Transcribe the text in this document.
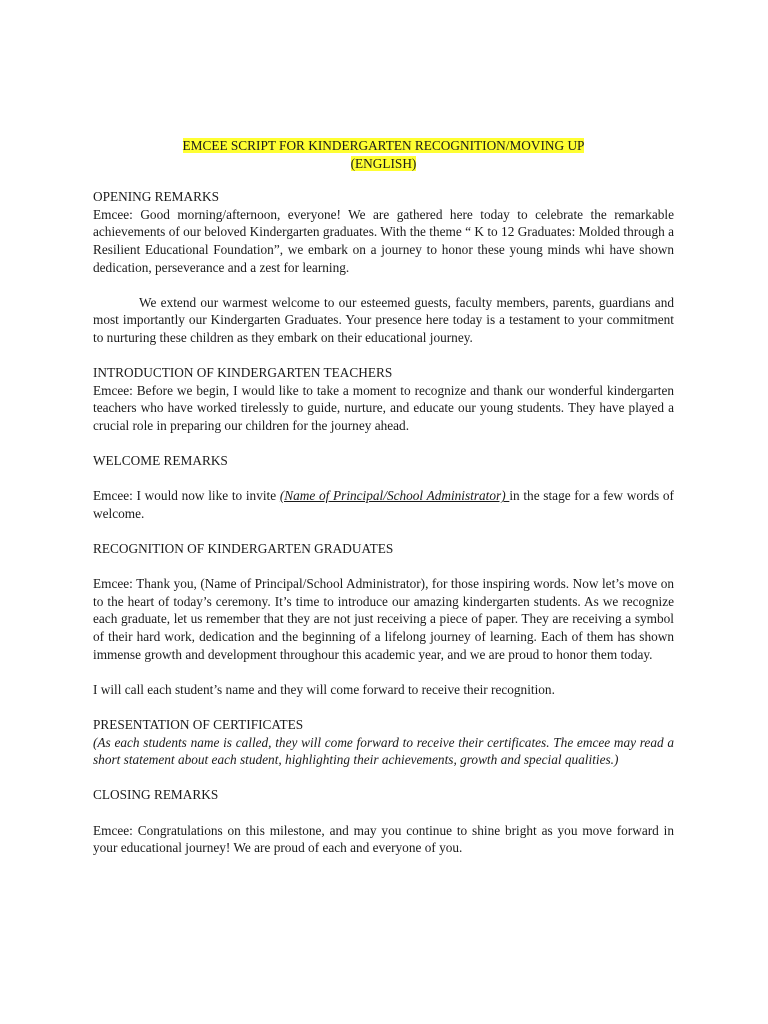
EMCEE SCRIPT FOR KINDERGARTEN RECOGNITION/MOVING UP
(ENGLISH)

OPENING REMARKS

Emcee: Good morning/afternoon, everyone! We are gathered here today to celebrate the remarkable achievements of our beloved Kindergarten graduates. With the theme “ K to 12 Graduates: Molded through a Resilient Educational Foundation”, we embark on a journey to honor these young minds whi have shown dedication, perseverance and a zest for learning.

We extend our warmest welcome to our esteemed guests, faculty members, parents, guardians and most importantly our Kindergarten Graduates. Your presence here today is a testament to your commitment to nurturing these children as they embark on their educational journey.

INTRODUCTION OF KINDERGARTEN TEACHERS

Emcee: Before we begin, I would like to take a moment to recognize and thank our wonderful kindergarten teachers who have worked tirelessly to guide, nurture, and educate our young students. They have played a crucial role in preparing our children for the journey ahead.

WELCOME REMARKS

Emcee: I would now like to invite (Name of Principal/School Administrator) in the stage for a few words of welcome.

RECOGNITION OF KINDERGARTEN GRADUATES

Emcee: Thank you, (Name of Principal/School Administrator), for those inspiring words. Now let’s move on to the heart of today’s ceremony. It’s time to introduce our amazing kindergarten students. As we recognize each graduate, let us remember that they are not just receiving a piece of paper. They are receiving a symbol of their hard work, dedication and the beginning of a lifelong journey of learning. Each of them has shown immense growth and development throughour this academic year, and we are proud to honor them today.

I will call each student’s name and they will come forward to receive their recognition.

PRESENTATION OF CERTIFICATES

(As each students name is called, they will come forward to receive their certificates. The emcee may read a short statement about each student, highlighting their achievements, growth and special qualities.)

CLOSING REMARKS

Emcee: Congratulations on this milestone, and may you continue to shine bright as you move forward in your educational journey! We are proud of each and everyone of you.
